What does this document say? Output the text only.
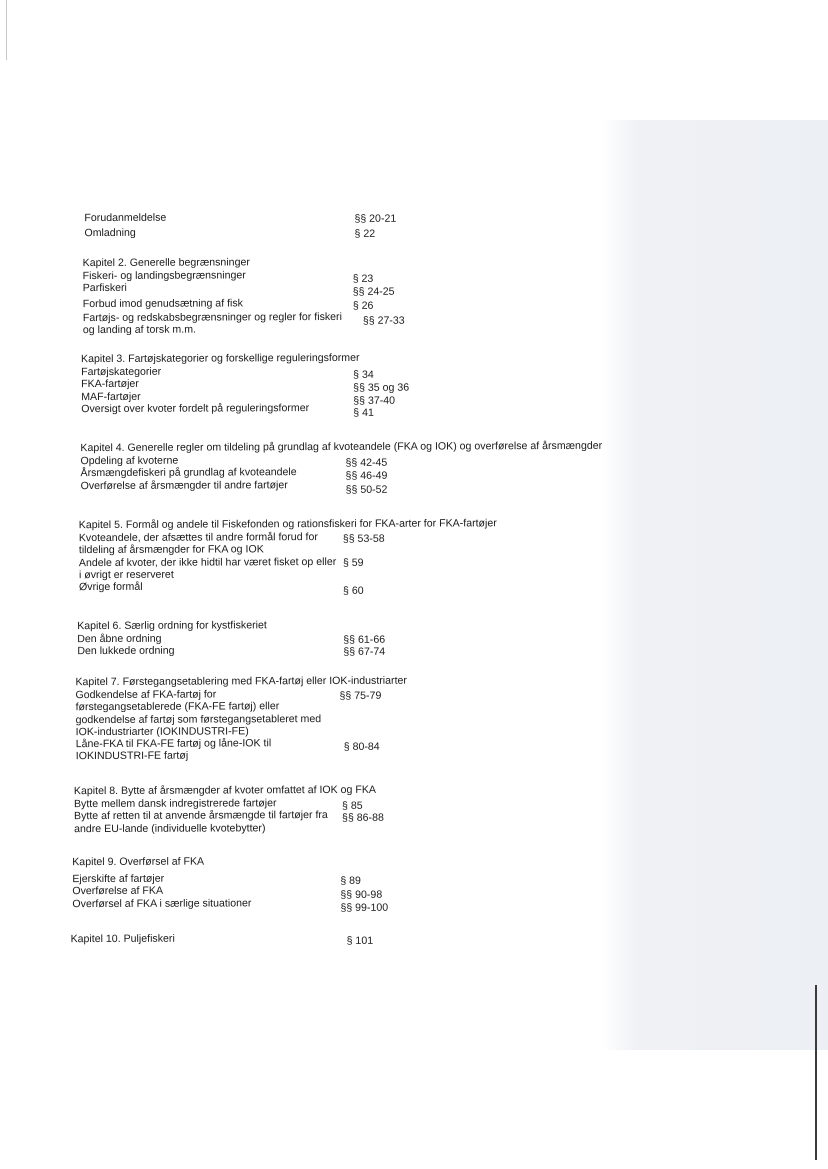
Forudanmeldelse	§§ 20-21
Omladning	§ 22
Kapitel 2. Generelle begrænsninger
Fiskeri- og landingsbegrænsninger	§ 23
Parfiskeri	§§ 24-25
Forbud imod genudsætning af fisk	§ 26
Fartøjs- og redskabsbegrænsninger og regler for fiskeri og landing af torsk m.m.
§§ 27-33
Kapitel 3. Fartøjskategorier og forskellige reguleringsformer
Fartøjskategorier	§ 34
FKA-fartøjer	§§ 35 og 36
MAF-fartøjer	§§ 37-40
Oversigt over kvoter fordelt på reguleringsformer	§ 41
Kapitel 4. Generelle regler om tildeling på grundlag af kvoteandele (FKA og IOK) og overførelse af årsmængder
Opdeling af kvoterne	§§ 42-45
Årsmængdefiskeri på grundlag af kvoteandele	§§ 46-49
Overførelse af årsmængder til andre fartøjer	§§ 50-52
Kapitel 5. Formål og andele til Fiskefonden og rationsfiskeri for FKA-arter for FKA-fartøjer
Kvoteandele, der afsættes til andre formål forud for tildeling af årsmængder for FKA og IOK
§§ 53-58
Andele af kvoter, der ikke hidtil har været fisket op eller i øvrigt er reserveret
§ 59
Øvrige formål	§ 60
Kapitel 6. Særlig ordning for kystfiskeriet
Den åbne ordning	§§ 61-66
Den lukkede ordning	§§ 67-74
Kapitel 7. Førstegangsetablering med FKA-fartøj eller IOK-industriarter
Godkendelse af FKA-fartøj for førstegangsetablerede (FKA-FE fartøj) eller godkendelse af fartøj som førstegangsetableret med IOK-industriarter (IOKINDUSTRI-FE)
§§ 75-79
Låne-FKA til FKA-FE fartøj og låne-IOK til IOKINDUSTRI-FE fartøj
§ 80-84
Kapitel 8. Bytte af årsmængder af kvoter omfattet af IOK og FKA
Bytte mellem dansk indregistrerede fartøjer	§ 85
Bytte af retten til at anvende årsmængde til fartøjer fra andre EU-lande (individuelle kvotebytter)
§§ 86-88
Kapitel 9. Overførsel af FKA
Ejerskifte af fartøjer	§ 89
Overførelse af FKA	§§ 90-98
Overførsel af FKA i særlige situationer	§§ 99-100
Kapitel 10. Puljefiskeri	§ 101
